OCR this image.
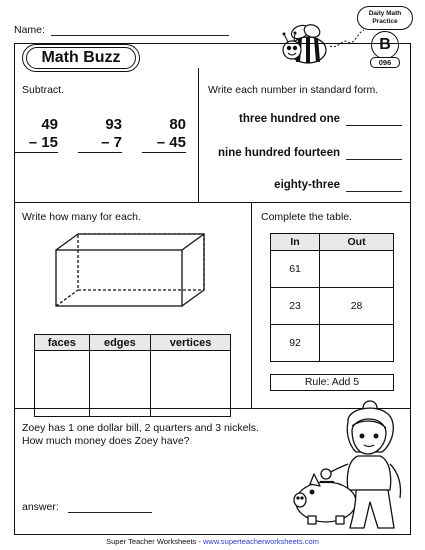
Name:
Daily Math
Practice
B
096
Math Buzz
Subtract.
49
– 15
93
– 7
80
– 45
Write each number in standard form.
three hundred one
nine hundred fourteen
eighty-three
Write how many for each.
faces	edges	vertices

Complete the table.
In	Out
61	
23	28
92	
Rule: Add 5
Zoey has 1 one dollar bill, 2 quarters and 3 nickels.
How much money does Zoey have?
answer:
Super Teacher Worksheets - www.superteacherworksheets.com
